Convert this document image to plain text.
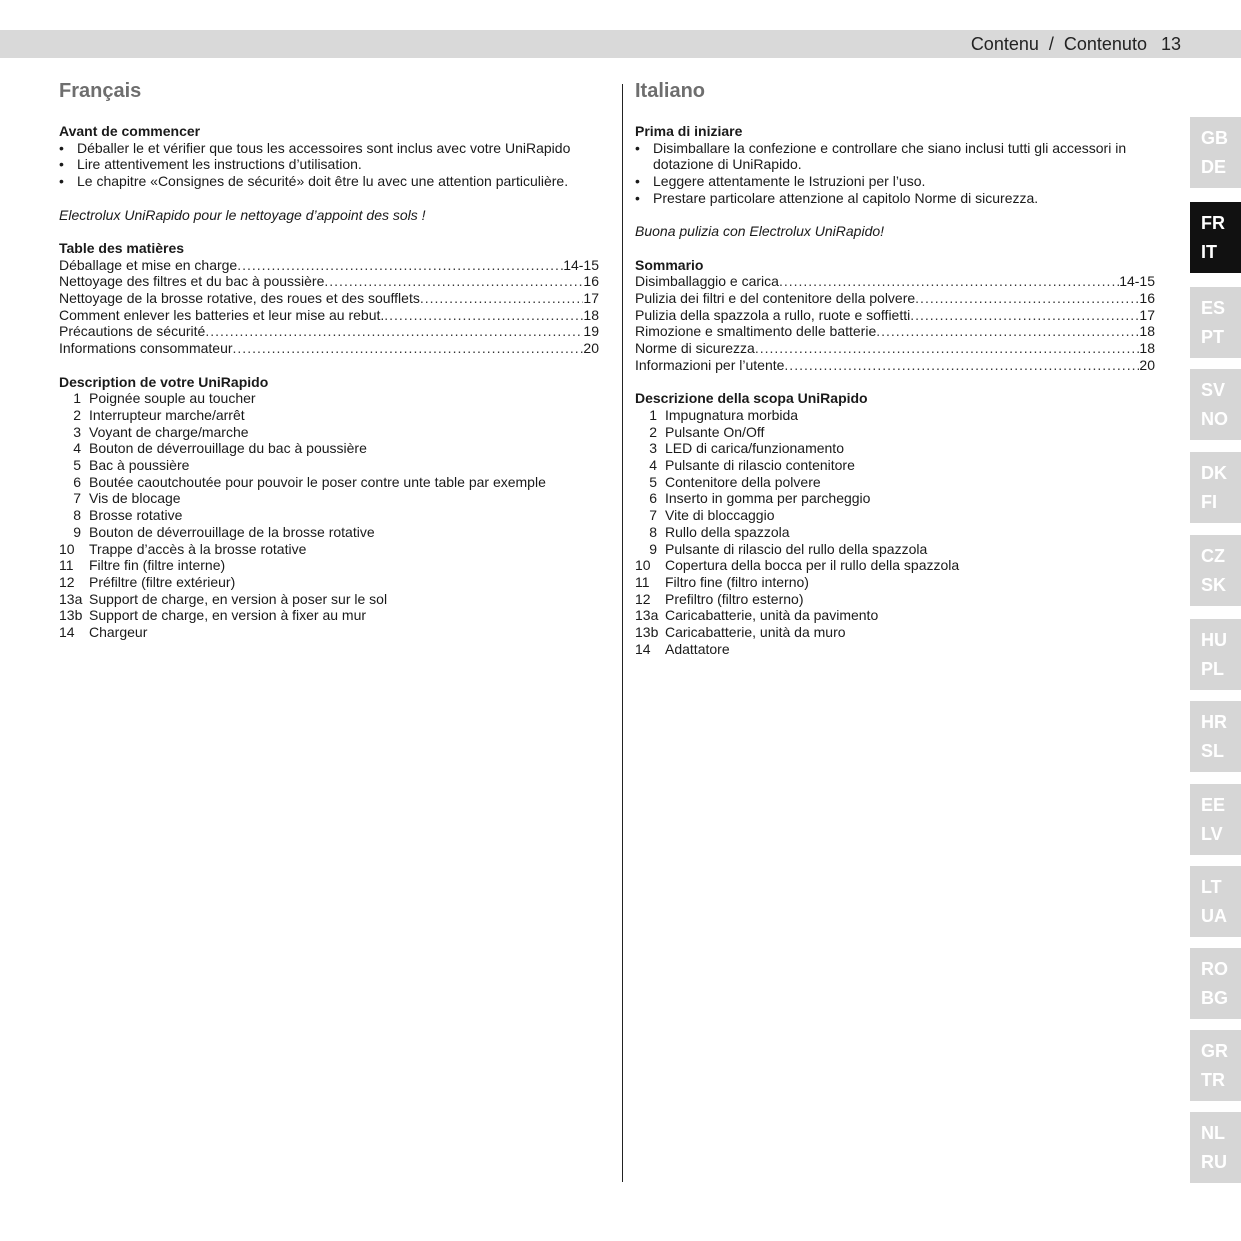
Contenu / Contenuto 13
Français
Avant de commencer
• Déballer le et vérifier que tous les accessoires sont inclus avec votre UniRapido
• Lire attentivement les instructions d’utilisation.
• Le chapitre «Consignes de sécurité» doit être lu avec une attention particulière.
Electrolux UniRapido pour le nettoyage d’appoint des sols !
Table des matières
Déballage et mise en charge .....	14-15
Nettoyage des filtres et du bac à poussière .....	16
Nettoyage de la brosse rotative, des roues et des soufflets .....	17
Comment enlever les batteries et leur mise au rebut. .....	18
Précautions de sécurité .....	19
Informations consommateur .....	20
Description de votre UniRapido
1 Poignée souple au toucher
2 Interrupteur marche/arrêt
3 Voyant de charge/marche
4 Bouton de déverrouillage du bac à poussière
5 Bac à poussière
6 Boutée caoutchoutée pour pouvoir le poser contre unte table par exemple
7 Vis de blocage
8 Brosse rotative
9 Bouton de déverrouillage de la brosse rotative
10	Trappe d’accès à la brosse rotative
11	Filtre fin (filtre interne)
12	Préfiltre (filtre extérieur)
13a Support de charge, en version à poser sur le sol
13b Support de charge, en version à fixer au mur
14	Chargeur
Italiano
Prima di iniziare
• Disimballare la confezione e controllare che siano inclusi tutti gli accessori in
dotazione di UniRapido.
• Leggere attentamente le Istruzioni per l’uso.
• Prestare particolare attenzione al capitolo Norme di sicurezza.
Buona pulizia con Electrolux UniRapido!
Sommario
Disimballaggio e carica .....	14-15
Pulizia dei filtri e del contenitore della polvere .....	16
Pulizia della spazzola a rullo, ruote e soffietti .....	17
Rimozione e smaltimento delle batterie .....	18
Norme di sicurezza .....	18
Informazioni per l’utente .....	20
Descrizione della scopa UniRapido
1 Impugnatura morbida
2 Pulsante On/Off
3 LED di carica/funzionamento
4 Pulsante di rilascio contenitore
5 Contenitore della polvere
6 Inserto in gomma per parcheggio
7 Vite di bloccaggio
8 Rullo della spazzola
9 Pulsante di rilascio del rullo della spazzola
10	Copertura della bocca per il rullo della spazzola
11	Filtro fine (filtro interno)
12	Prefiltro (filtro esterno)
13a Caricabatterie, unità da pavimento
13b Caricabatterie, unità da muro
14	Adattatore
GB
DE
FR
IT
ES
PT
SV
NO
DK
FI
CZ
SK
HU
PL
HR
SL
EE
LV
LT
UA
RO
BG
GR
TR
NL
RU
